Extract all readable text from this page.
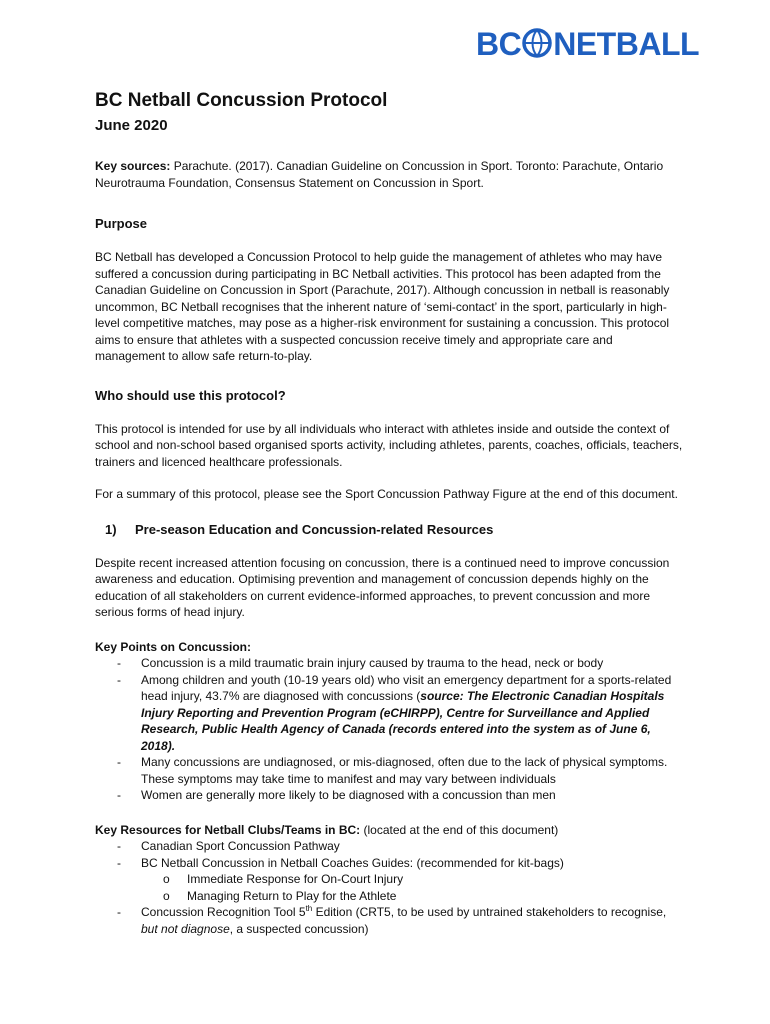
BC NETBALL
BC Netball Concussion Protocol
June 2020

Key sources: Parachute. (2017). Canadian Guideline on Concussion in Sport. Toronto: Parachute, Ontario Neurotrauma Foundation, Consensus Statement on Concussion in Sport.

Purpose

BC Netball has developed a Concussion Protocol to help guide the management of athletes who may have suffered a concussion during participating in BC Netball activities. This protocol has been adapted from the Canadian Guideline on Concussion in Sport (Parachute, 2017). Although concussion in netball is reasonably uncommon, BC Netball recognises that the inherent nature of ‘semi-contact’ in the sport, particularly in high-level competitive matches, may pose as a higher-risk environment for sustaining a concussion. This protocol aims to ensure that athletes with a suspected concussion receive timely and appropriate care and management to allow safe return-to-play.

Who should use this protocol?

This protocol is intended for use by all individuals who interact with athletes inside and outside the context of school and non-school based organised sports activity, including athletes, parents, coaches, officials, teachers, trainers and licenced healthcare professionals.

For a summary of this protocol, please see the Sport Concussion Pathway Figure at the end of this document.

1)	Pre-season Education and Concussion-related Resources

Despite recent increased attention focusing on concussion, there is a continued need to improve concussion awareness and education. Optimising prevention and management of concussion depends highly on the education of all stakeholders on current evidence-informed approaches, to prevent concussion and more serious forms of head injury.

Key Points on Concussion:
-	Concussion is a mild traumatic brain injury caused by trauma to the head, neck or body
-	Among children and youth (10-19 years old) who visit an emergency department for a sports-related head injury, 43.7% are diagnosed with concussions (source: The Electronic Canadian Hospitals Injury Reporting and Prevention Program (eCHIRPP), Centre for Surveillance and Applied Research, Public Health Agency of Canada (records entered into the system as of June 6, 2018).
-	Many concussions are undiagnosed, or mis-diagnosed, often due to the lack of physical symptoms. These symptoms may take time to manifest and may vary between individuals
-	Women are generally more likely to be diagnosed with a concussion than men
Key Resources for Netball Clubs/Teams in BC: (located at the end of this document)
-	Canadian Sport Concussion Pathway
-	BC Netball Concussion in Netball Coaches Guides: (recommended for kit-bags)
o	Immediate Response for On-Court Injury
o	Managing Return to Play for the Athlete
-	Concussion Recognition Tool 5th Edition (CRT5, to be used by untrained stakeholders to recognise, but not diagnose, a suspected concussion)
